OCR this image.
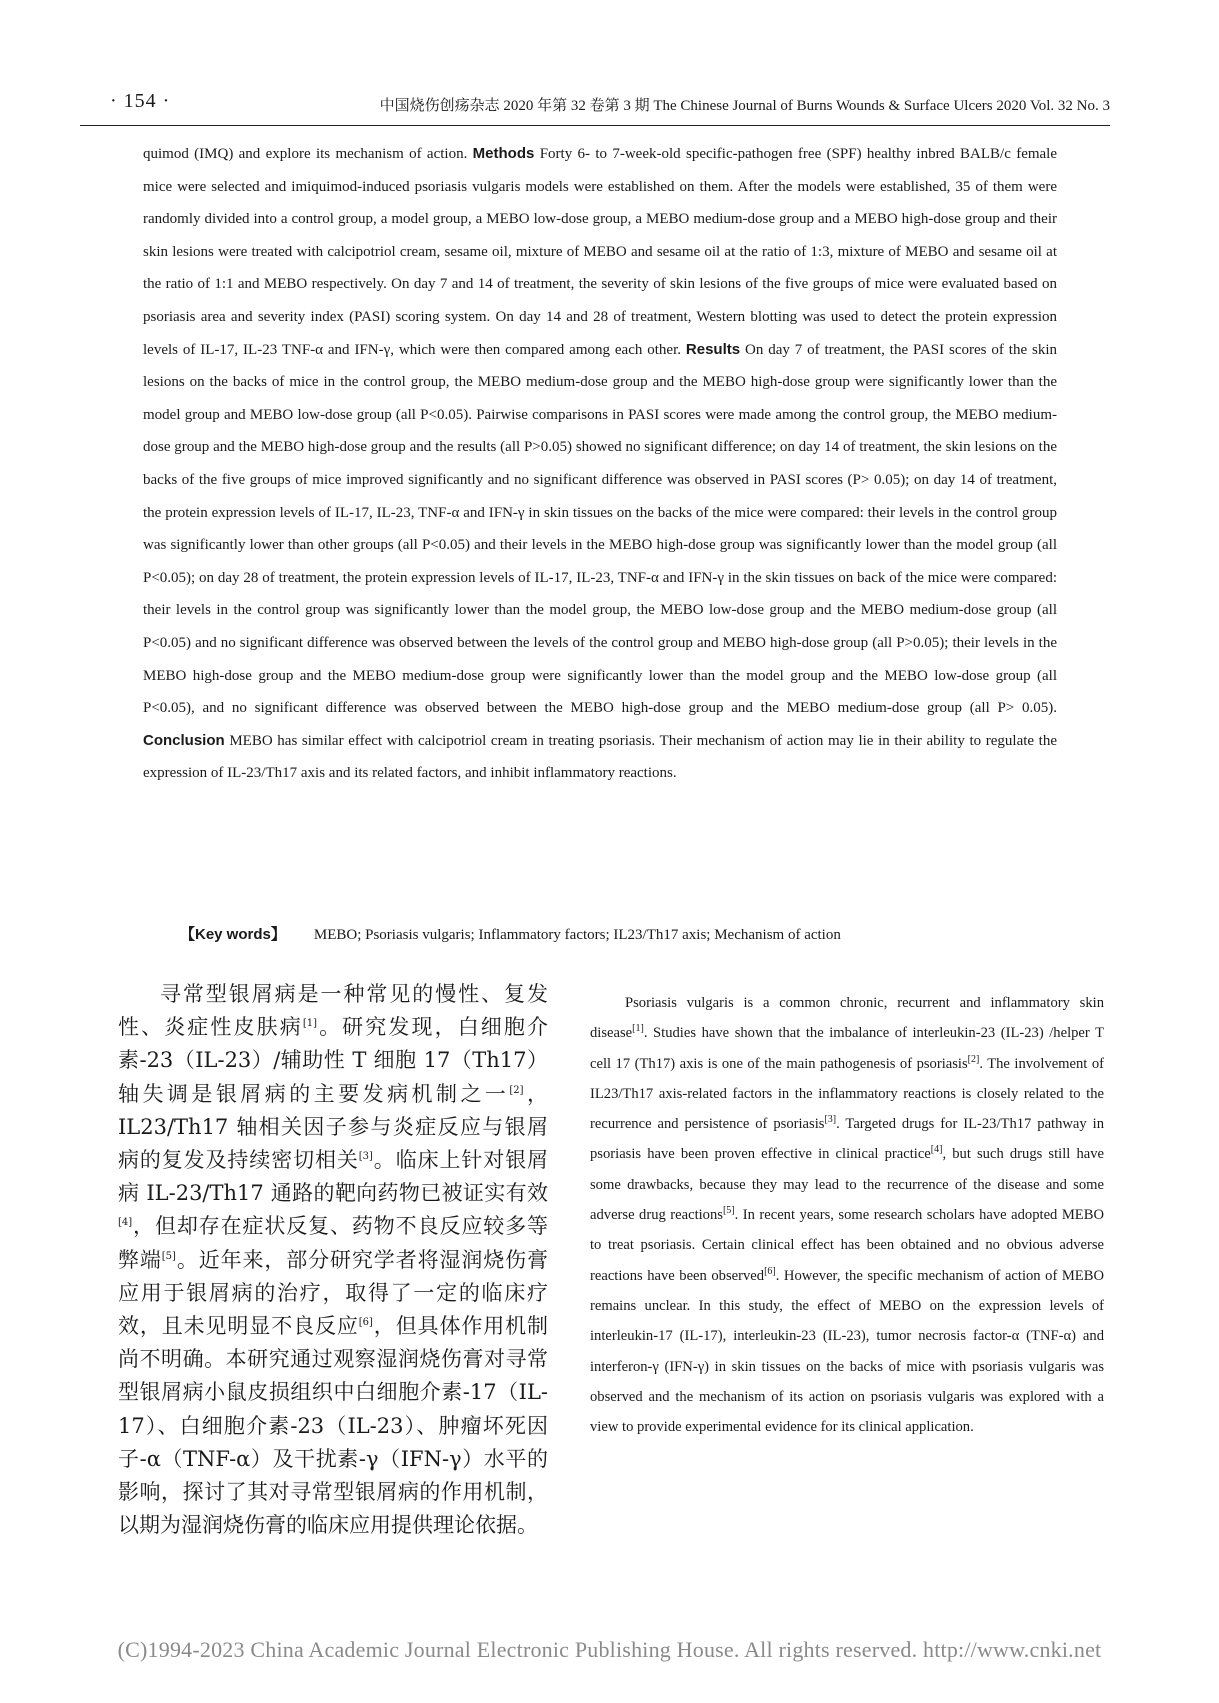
· 154 ·	中国烧伤创疡杂志 2020 年第 32 卷第 3 期 The Chinese Journal of Burns Wounds & Surface Ulcers 2020 Vol. 32 No. 3

quimod (IMQ) and explore its mechanism of action. Methods Forty 6- to 7-week-old specific-pathogen free (SPF) healthy inbred BALB/c female mice were selected and imiquimod-induced psoriasis vulgaris models were established on them. After the models were established, 35 of them were randomly divided into a control group, a model group, a MEBO low-dose group, a MEBO medium-dose group and a MEBO high-dose group and their skin lesions were treated with calcipotriol cream, sesame oil, mixture of MEBO and sesame oil at the ratio of 1:3, mixture of MEBO and sesame oil at the ratio of 1:1 and MEBO respectively. On day 7 and 14 of treatment, the severity of skin lesions of the five groups of mice were evaluated based on psoriasis area and severity index (PASI) scoring system. On day 14 and 28 of treatment, Western blotting was used to detect the protein expression levels of IL-17, IL-23 TNF-α and IFN-γ, which were then compared among each other. Results On day 7 of treatment, the PASI scores of the skin lesions on the backs of mice in the control group, the MEBO medium-dose group and the MEBO high-dose group were significantly lower than the model group and MEBO low-dose group (all P<0.05). Pairwise comparisons in PASI scores were made among the control group, the MEBO medium-dose group and the MEBO high-dose group and the results (all P>0.05) showed no significant difference; on day 14 of treatment, the skin lesions on the backs of the five groups of mice improved significantly and no significant difference was observed in PASI scores (P> 0.05); on day 14 of treatment, the protein expression levels of IL-17, IL-23, TNF-α and IFN-γ in skin tissues on the backs of the mice were compared: their levels in the control group was significantly lower than other groups (all P<0.05) and their levels in the MEBO high-dose group was significantly lower than the model group (all P<0.05); on day 28 of treatment, the protein expression levels of IL-17, IL-23, TNF-α and IFN-γ in the skin tissues on back of the mice were compared: their levels in the control group was significantly lower than the model group, the MEBO low-dose group and the MEBO medium-dose group (all P<0.05) and no significant difference was observed between the levels of the control group and MEBO high-dose group (all P>0.05); their levels in the MEBO high-dose group and the MEBO medium-dose group were significantly lower than the model group and the MEBO low-dose group (all P<0.05), and no significant difference was observed between the MEBO high-dose group and the MEBO medium-dose group (all P> 0.05). Conclusion MEBO has similar effect with calcipotriol cream in treating psoriasis. Their mechanism of action may lie in their ability to regulate the expression of IL-23/Th17 axis and its related factors, and inhibit inflammatory reactions.

【Key words】 MEBO; Psoriasis vulgaris; Inflammatory factors; IL23/Th17 axis; Mechanism of action

寻常型银屑病是一种常见的慢性、复发性、炎症性皮肤病[1]。研究发现，白细胞介素-23（IL-23）/辅助性 T 细胞 17（Th17）轴失调是银屑病的主要发病机制之一[2]，IL23/Th17 轴相关因子参与炎症反应与银屑病的复发及持续密切相关[3]。临床上针对银屑病 IL-23/Th17 通路的靶向药物已被证实有效[4]，但却存在症状反复、药物不良反应较多等弊端[5]。近年来，部分研究学者将湿润烧伤膏应用于银屑病的治疗，取得了一定的临床疗效，且未见明显不良反应[6]，但具体作用机制尚不明确。本研究通过观察湿润烧伤膏对寻常型银屑病小鼠皮损组织中白细胞介素-17（IL-17）、白细胞介素-23（IL-23）、肿瘤坏死因子-α（TNF-α）及干扰素-γ（IFN-γ）水平的影响，探讨了其对寻常型银屑病的作用机制，以期为湿润烧伤膏的临床应用提供理论依据。

Psoriasis vulgaris is a common chronic, recurrent and inflammatory skin disease[1]. Studies have shown that the imbalance of interleukin-23 (IL-23) /helper T cell 17 (Th17) axis is one of the main pathogenesis of psoriasis[2]. The involvement of IL23/Th17 axis-related factors in the inflammatory reactions is closely related to the recurrence and persistence of psoriasis[3]. Targeted drugs for IL-23/Th17 pathway in psoriasis have been proven effective in clinical practice[4], but such drugs still have some drawbacks, because they may lead to the recurrence of the disease and some adverse drug reactions[5]. In recent years, some research scholars have adopted MEBO to treat psoriasis. Certain clinical effect has been obtained and no obvious adverse reactions have been observed[6]. However, the specific mechanism of action of MEBO remains unclear. In this study, the effect of MEBO on the expression levels of interleukin-17 (IL-17), interleukin-23 (IL-23), tumor necrosis factor-α (TNF-α) and interferon-γ (IFN-γ) in skin tissues on the backs of mice with psoriasis vulgaris was observed and the mechanism of its action on psoriasis vulgaris was explored with a view to provide experimental evidence for its clinical application.

(C)1994-2023 China Academic Journal Electronic Publishing House. All rights reserved. http://www.cnki.net
